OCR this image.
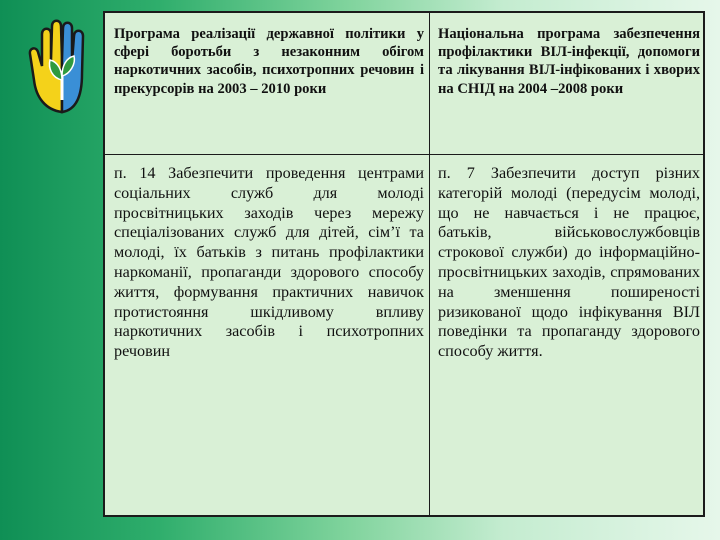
Програма реалізації державної політики у сфері боротьби з незаконним обігом наркотичних засобів, психотропних речовин і прекурсорів на 2003 – 2010 роки

Національна програма забезпечення профілактики ВІЛ-інфекції, допомоги та лікування ВІЛ-інфікованих і хворих на СНІД на 2004 –2008 роки

п. 14 Забезпечити проведення центрами соціальних служб для молоді просвітницьких заходів через мережу спеціалізованих служб для дітей, сім’ї та молоді, їх батьків з питань профілактики наркоманії, пропаганди здорового способу життя, формування практичних навичок протистояння шкідливому впливу наркотичних засобів і психотропних речовин

п. 7 Забезпечити доступ різних категорій молоді (передусім молоді, що не навчається і не працює, батьків, військовослужбовців строкової служби) до інформаційно-просвітницьких заходів, спрямованих на зменшення поширеності ризикованої щодо інфікування ВІЛ поведінки та пропаганду здорового способу життя.
